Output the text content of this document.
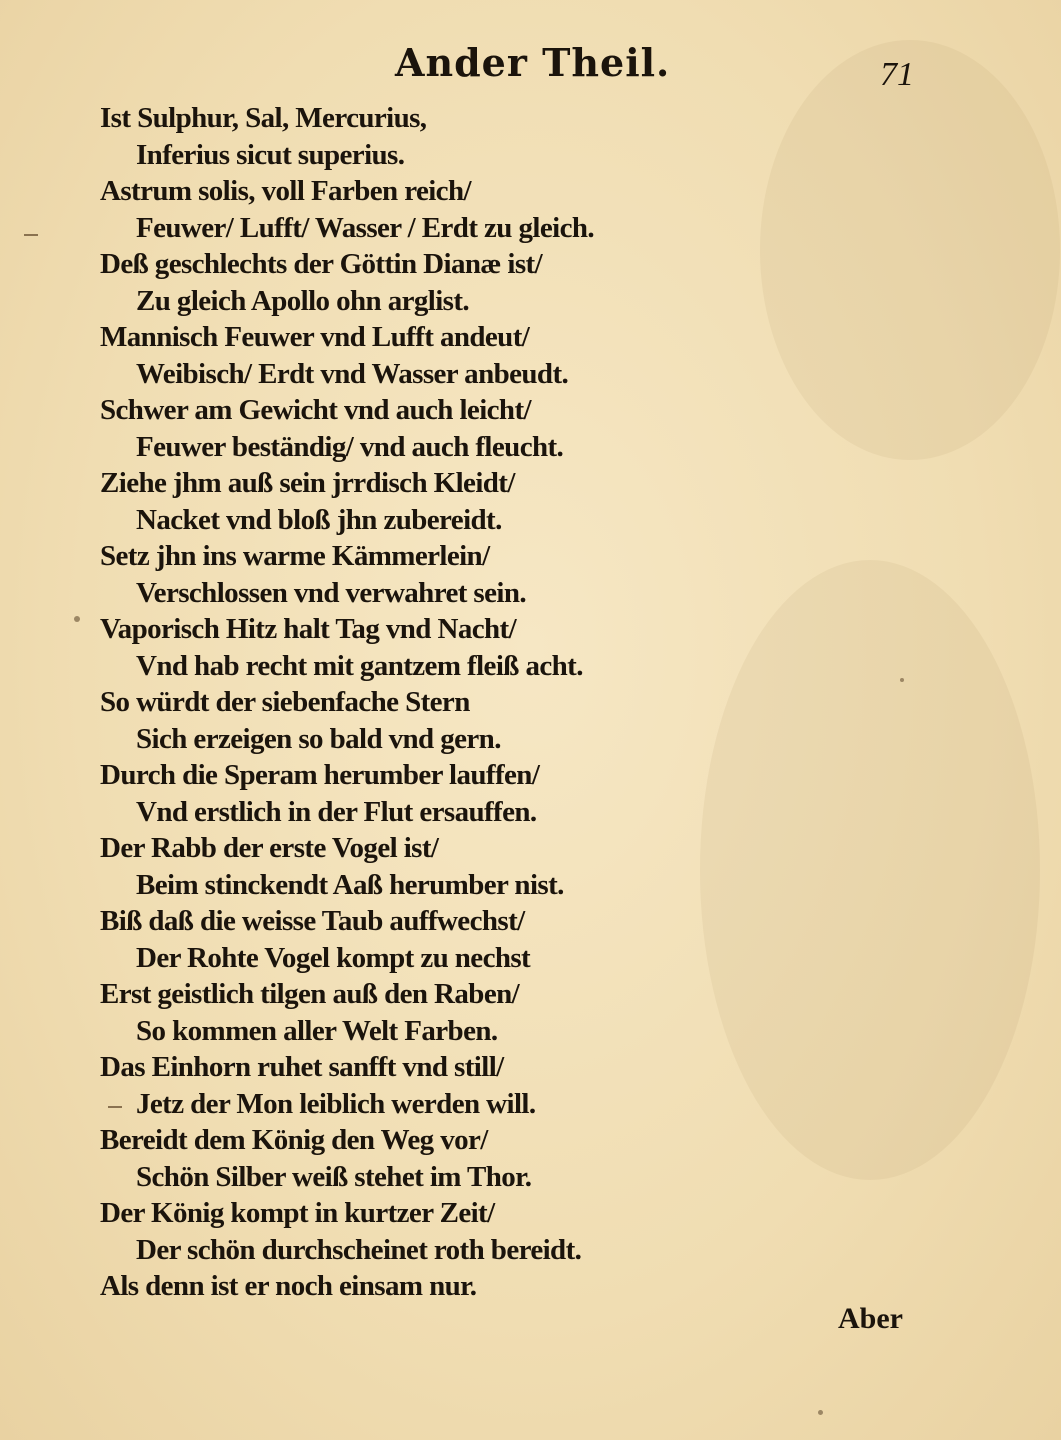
Ander Theil.	71
Ist Sulphur, Sal, Mercurius,
Inferius sicut superius.
Astrum solis, voll Farben reich/
Feuwer/ Lufft/ Wasser / Erdt zu gleich.
Deß geschlechts der Göttin Dianæ ist/
Zu gleich Apollo ohn arglist.
Mannisch Feuwer vnd Lufft andeut/
Weibisch/ Erdt vnd Wasser anbeudt.
Schwer am Gewicht vnd auch leicht/
Feuwer beständig/ vnd auch fleucht.
Ziehe jhm auß sein jrrdisch Kleidt/
Nacket vnd bloß jhn zubereidt.
Setz jhn ins warme Kämmerlein/
Verschlossen vnd verwahret sein.
Vaporisch Hitz halt Tag vnd Nacht/
Vnd hab recht mit gantzem fleiß acht.
So würdt der siebenfache Stern
Sich erzeigen so bald vnd gern.
Durch die Speram herumber lauffen/
Vnd erstlich in der Flut ersauffen.
Der Rabb der erste Vogel ist/
Beim stinckendt Aaß herumber nist.
Biß daß die weisse Taub auffwechst/
Der Rohte Vogel kompt zu nechst
Erst geistlich tilgen auß den Raben/
So kommen aller Welt Farben.
Das Einhorn ruhet sanfft vnd still/
Jetz der Mon leiblich werden will.
Bereidt dem König den Weg vor/
Schön Silber weiß stehet im Thor.
Der König kompt in kurtzer Zeit/
Der schön durchscheinet roth bereidt.
Als denn ist er noch einsam nur.
Aber
